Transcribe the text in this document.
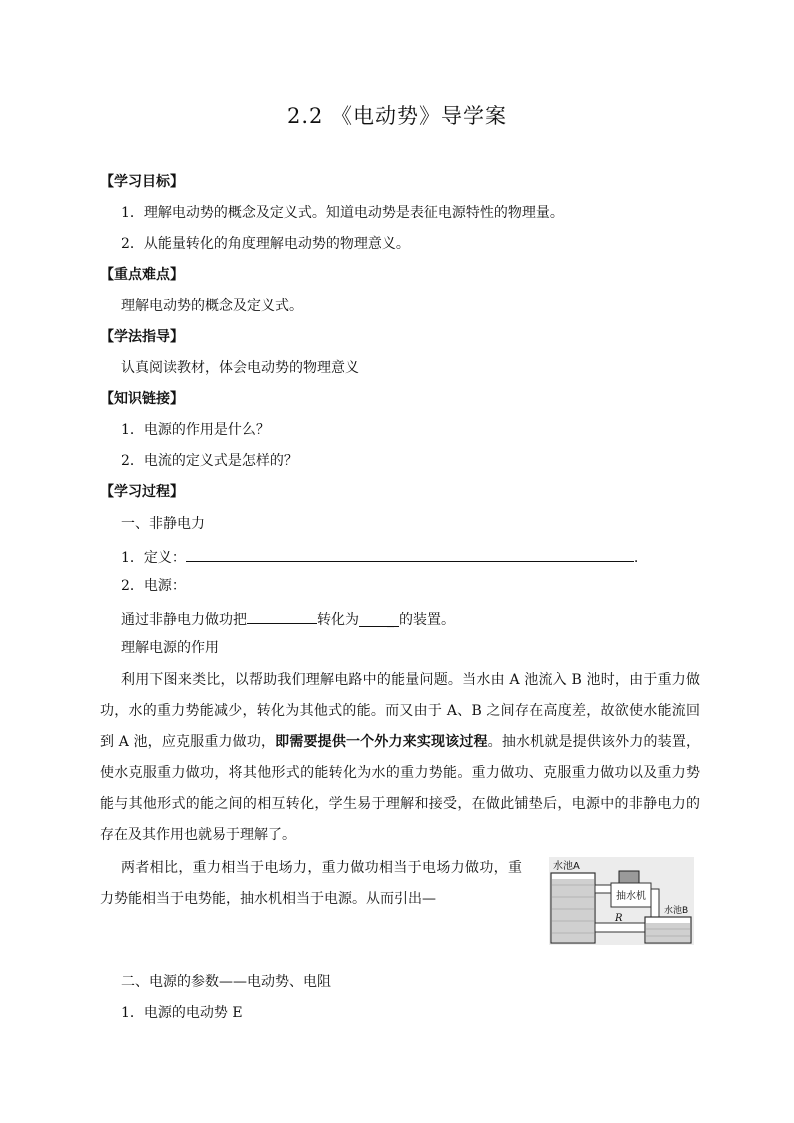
2.2 《电动势》导学案
【学习目标】
1．理解电动势的概念及定义式。知道电动势是表征电源特性的物理量。
2．从能量转化的角度理解电动势的物理意义。
【重点难点】
理解电动势的概念及定义式。
【学法指导】
认真阅读教材，体会电动势的物理意义
【知识链接】
1．电源的作用是什么？
2．电流的定义式是怎样的？
【学习过程】
一、非静电力
1．定义：	.
2．电源：
通过非静电力做功把	转化为 _ 的装置。
理解电源的作用
利用下图来类比，以帮助我们理解电路中的能量问题。当水由 A 池流入 B 池时，由于重力做功，水的重力势能减少，转化为其他式的能。而又由于 A、B 之间存在高度差，故欲使水能流回到 A 池，应克服重力做功，即需要提供一个外力来实现该过程。抽水机就是提供该外力的装置，使水克服重力做功，将其他形式的能转化为水的重力势能。重力做功、克服重力做功以及重力势能与其他形式的能之间的相互转化，学生易于理解和接受，在做此铺垫后，电源中的非静电力的存在及其作用也就易于理解了。
两者相比，重力相当于电场力，重力做功相当于电场力做功，重力势能相当于电势能，抽水机相当于电源。从而引出—
水池A
抽水机
R
水池B
二、电源的参数——电动势、电阻
1．电源的电动势 E
